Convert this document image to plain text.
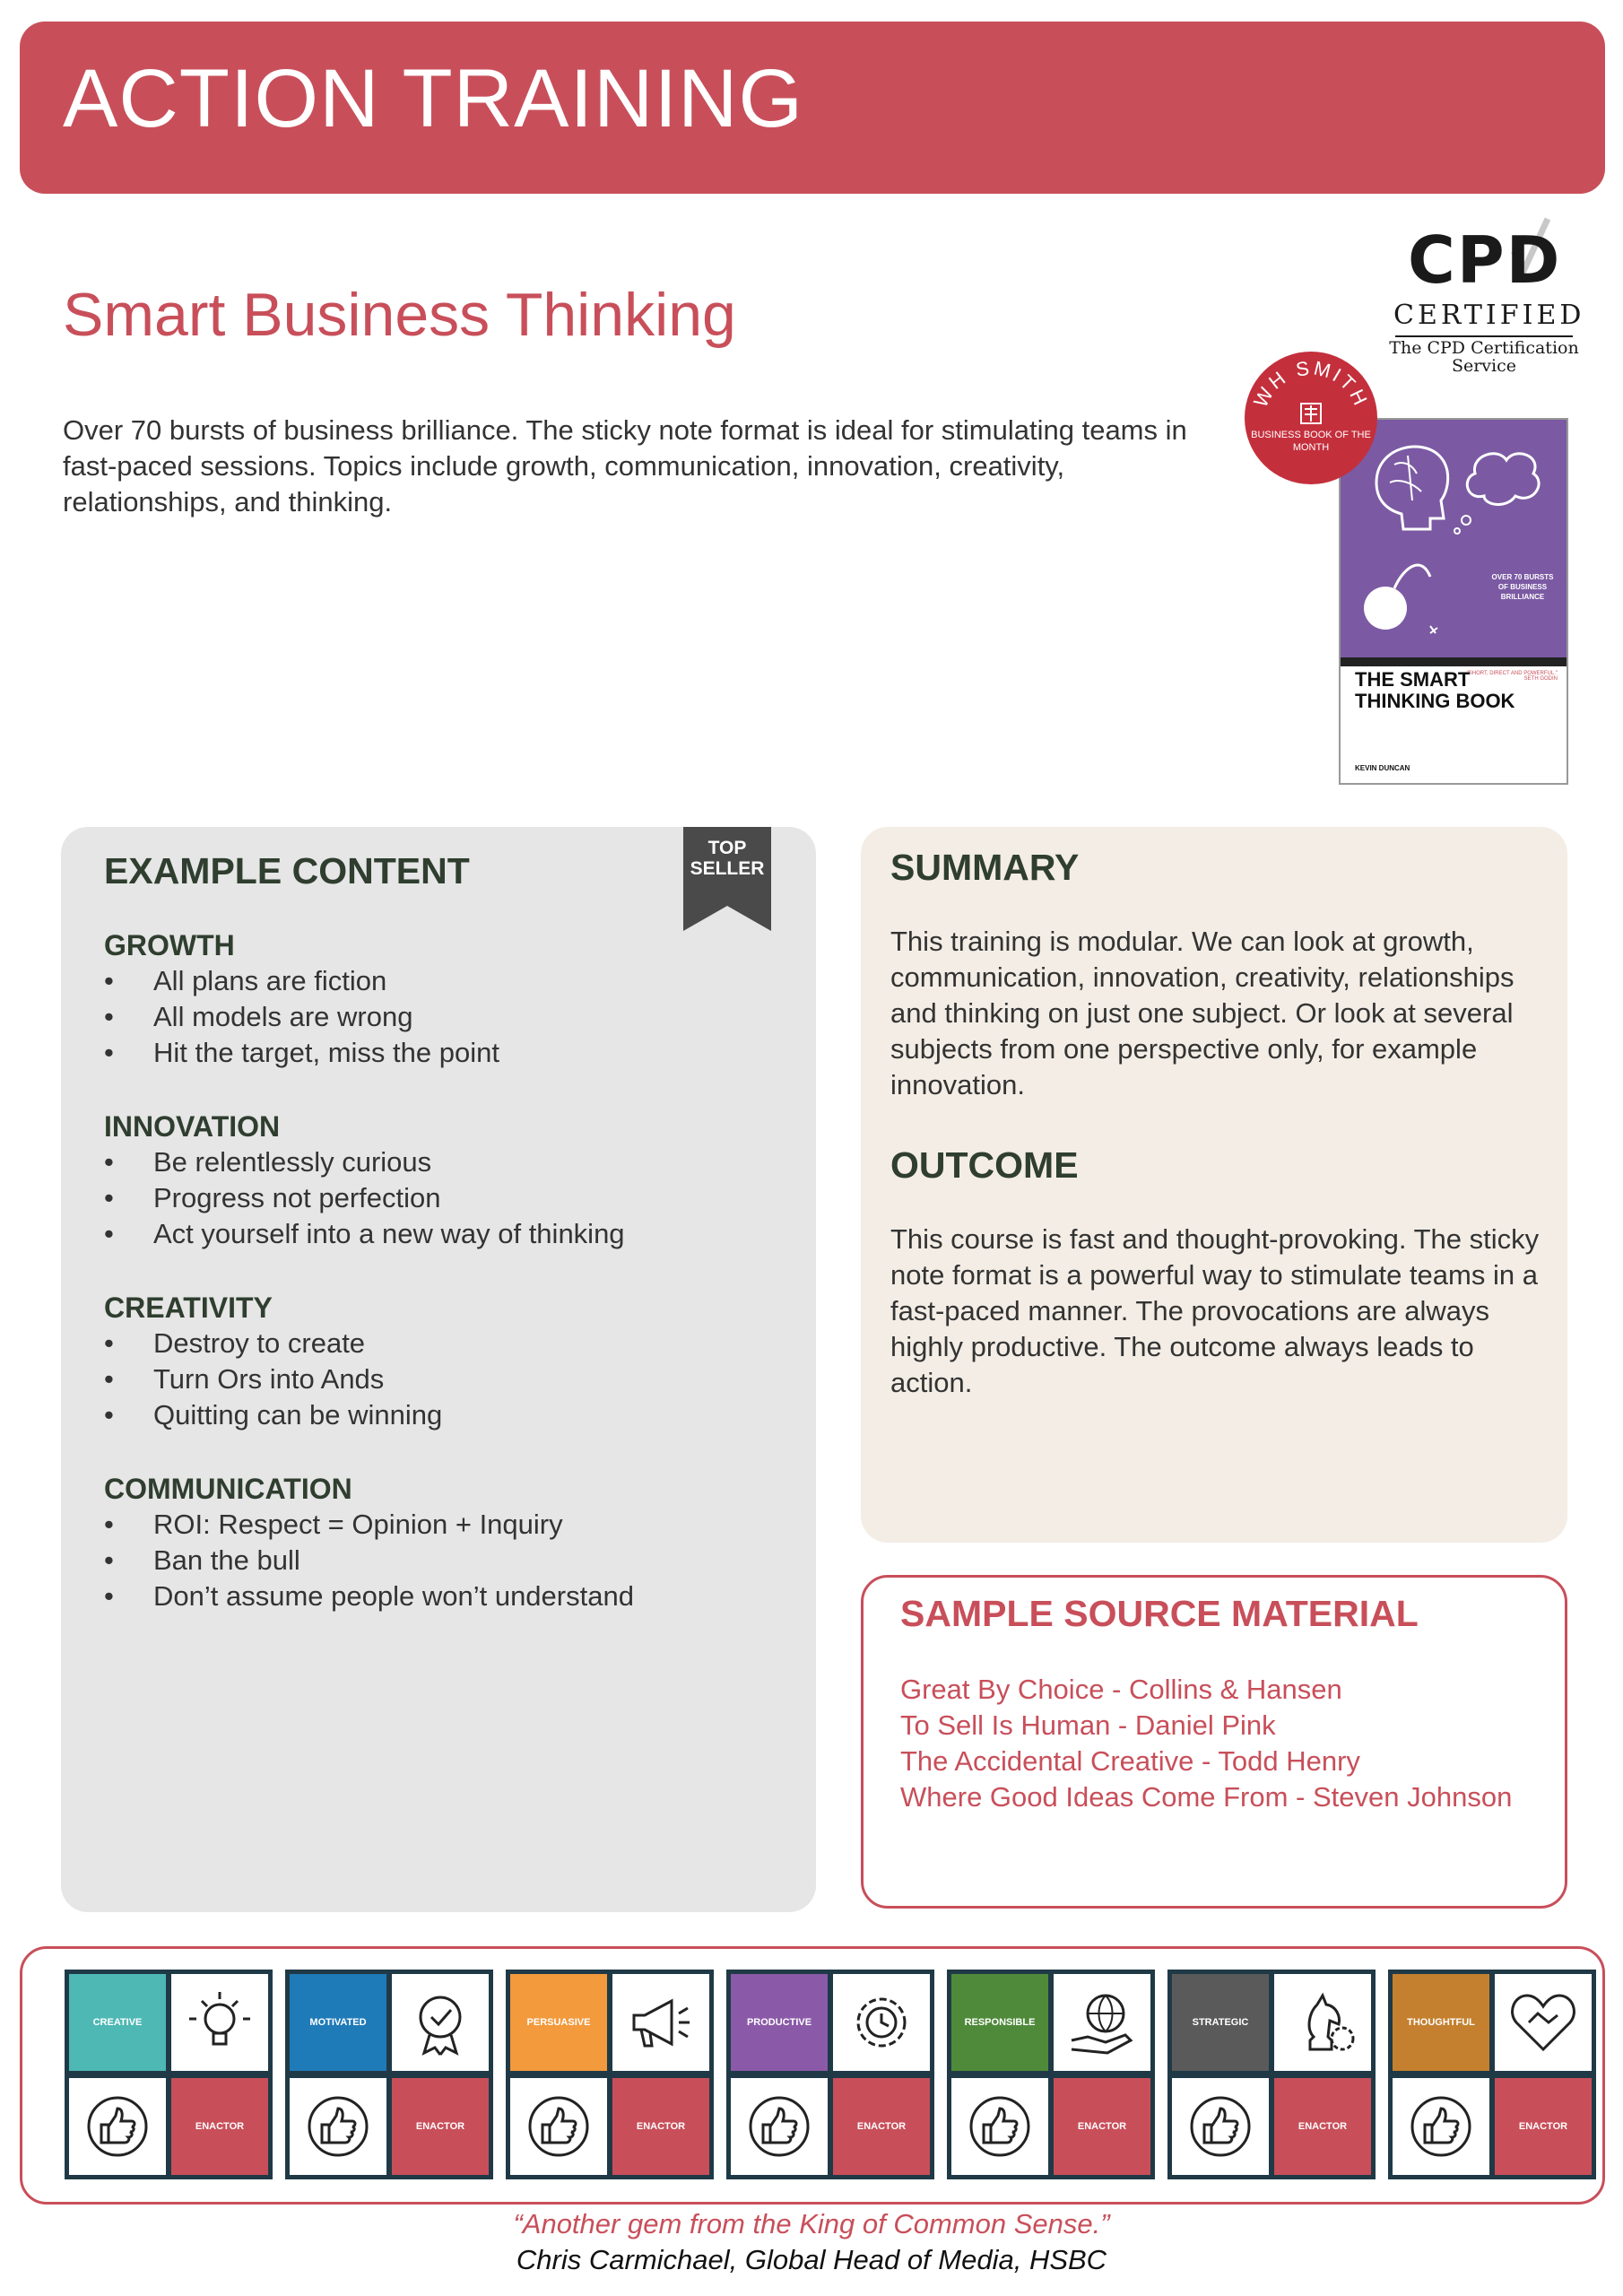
ACTION TRAINING
Smart Business Thinking
Over 70 bursts of business brilliance. The sticky note format is ideal for stimulating teams in fast-paced sessions. Topics include growth, communication, innovation, creativity, relationships, and thinking.
CPD
CERTIFIED
The CPD Certification Service
OVER 70 BURSTS OF BUSINESS BRILLIANCE
"SHORT, DIRECT AND POWERFUL." SETH GODIN
THE SMART THINKING BOOK
KEVIN DUNCAN
WH SMITH
BUSINESS BOOK OF THE MONTH
EXAMPLE CONTENT
TOP SELLER
GROWTH
• All plans are fiction
• All models are wrong
• Hit the target, miss the point
INNOVATION
• Be relentlessly curious
• Progress not perfection
• Act yourself into a new way of thinking
CREATIVITY
• Destroy to create
• Turn Ors into Ands
• Quitting can be winning
COMMUNICATION
• ROI: Respect = Opinion + Inquiry
• Ban the bull
• Don’t assume people won’t understand
SUMMARY
This training is modular. We can look at growth, communication, innovation, creativity, relationships and thinking on just one subject. Or look at several subjects from one perspective only, for example innovation.
OUTCOME
This course is fast and thought-provoking. The sticky note format is a powerful way to stimulate teams in a fast-paced manner. The provocations are always highly productive. The outcome always leads to action.
SAMPLE SOURCE MATERIAL
Great By Choice - Collins & Hansen
To Sell Is Human - Daniel Pink
The Accidental Creative - Todd Henry
Where Good Ideas Come From - Steven Johnson
CREATIVE
ENACTOR
MOTIVATED
ENACTOR
PERSUASIVE
ENACTOR
PRODUCTIVE
ENACTOR
RESPONSIBLE
ENACTOR
STRATEGIC
ENACTOR
THOUGHTFUL
ENACTOR
“Another gem from the King of Common Sense.”
Chris Carmichael, Global Head of Media, HSBC
